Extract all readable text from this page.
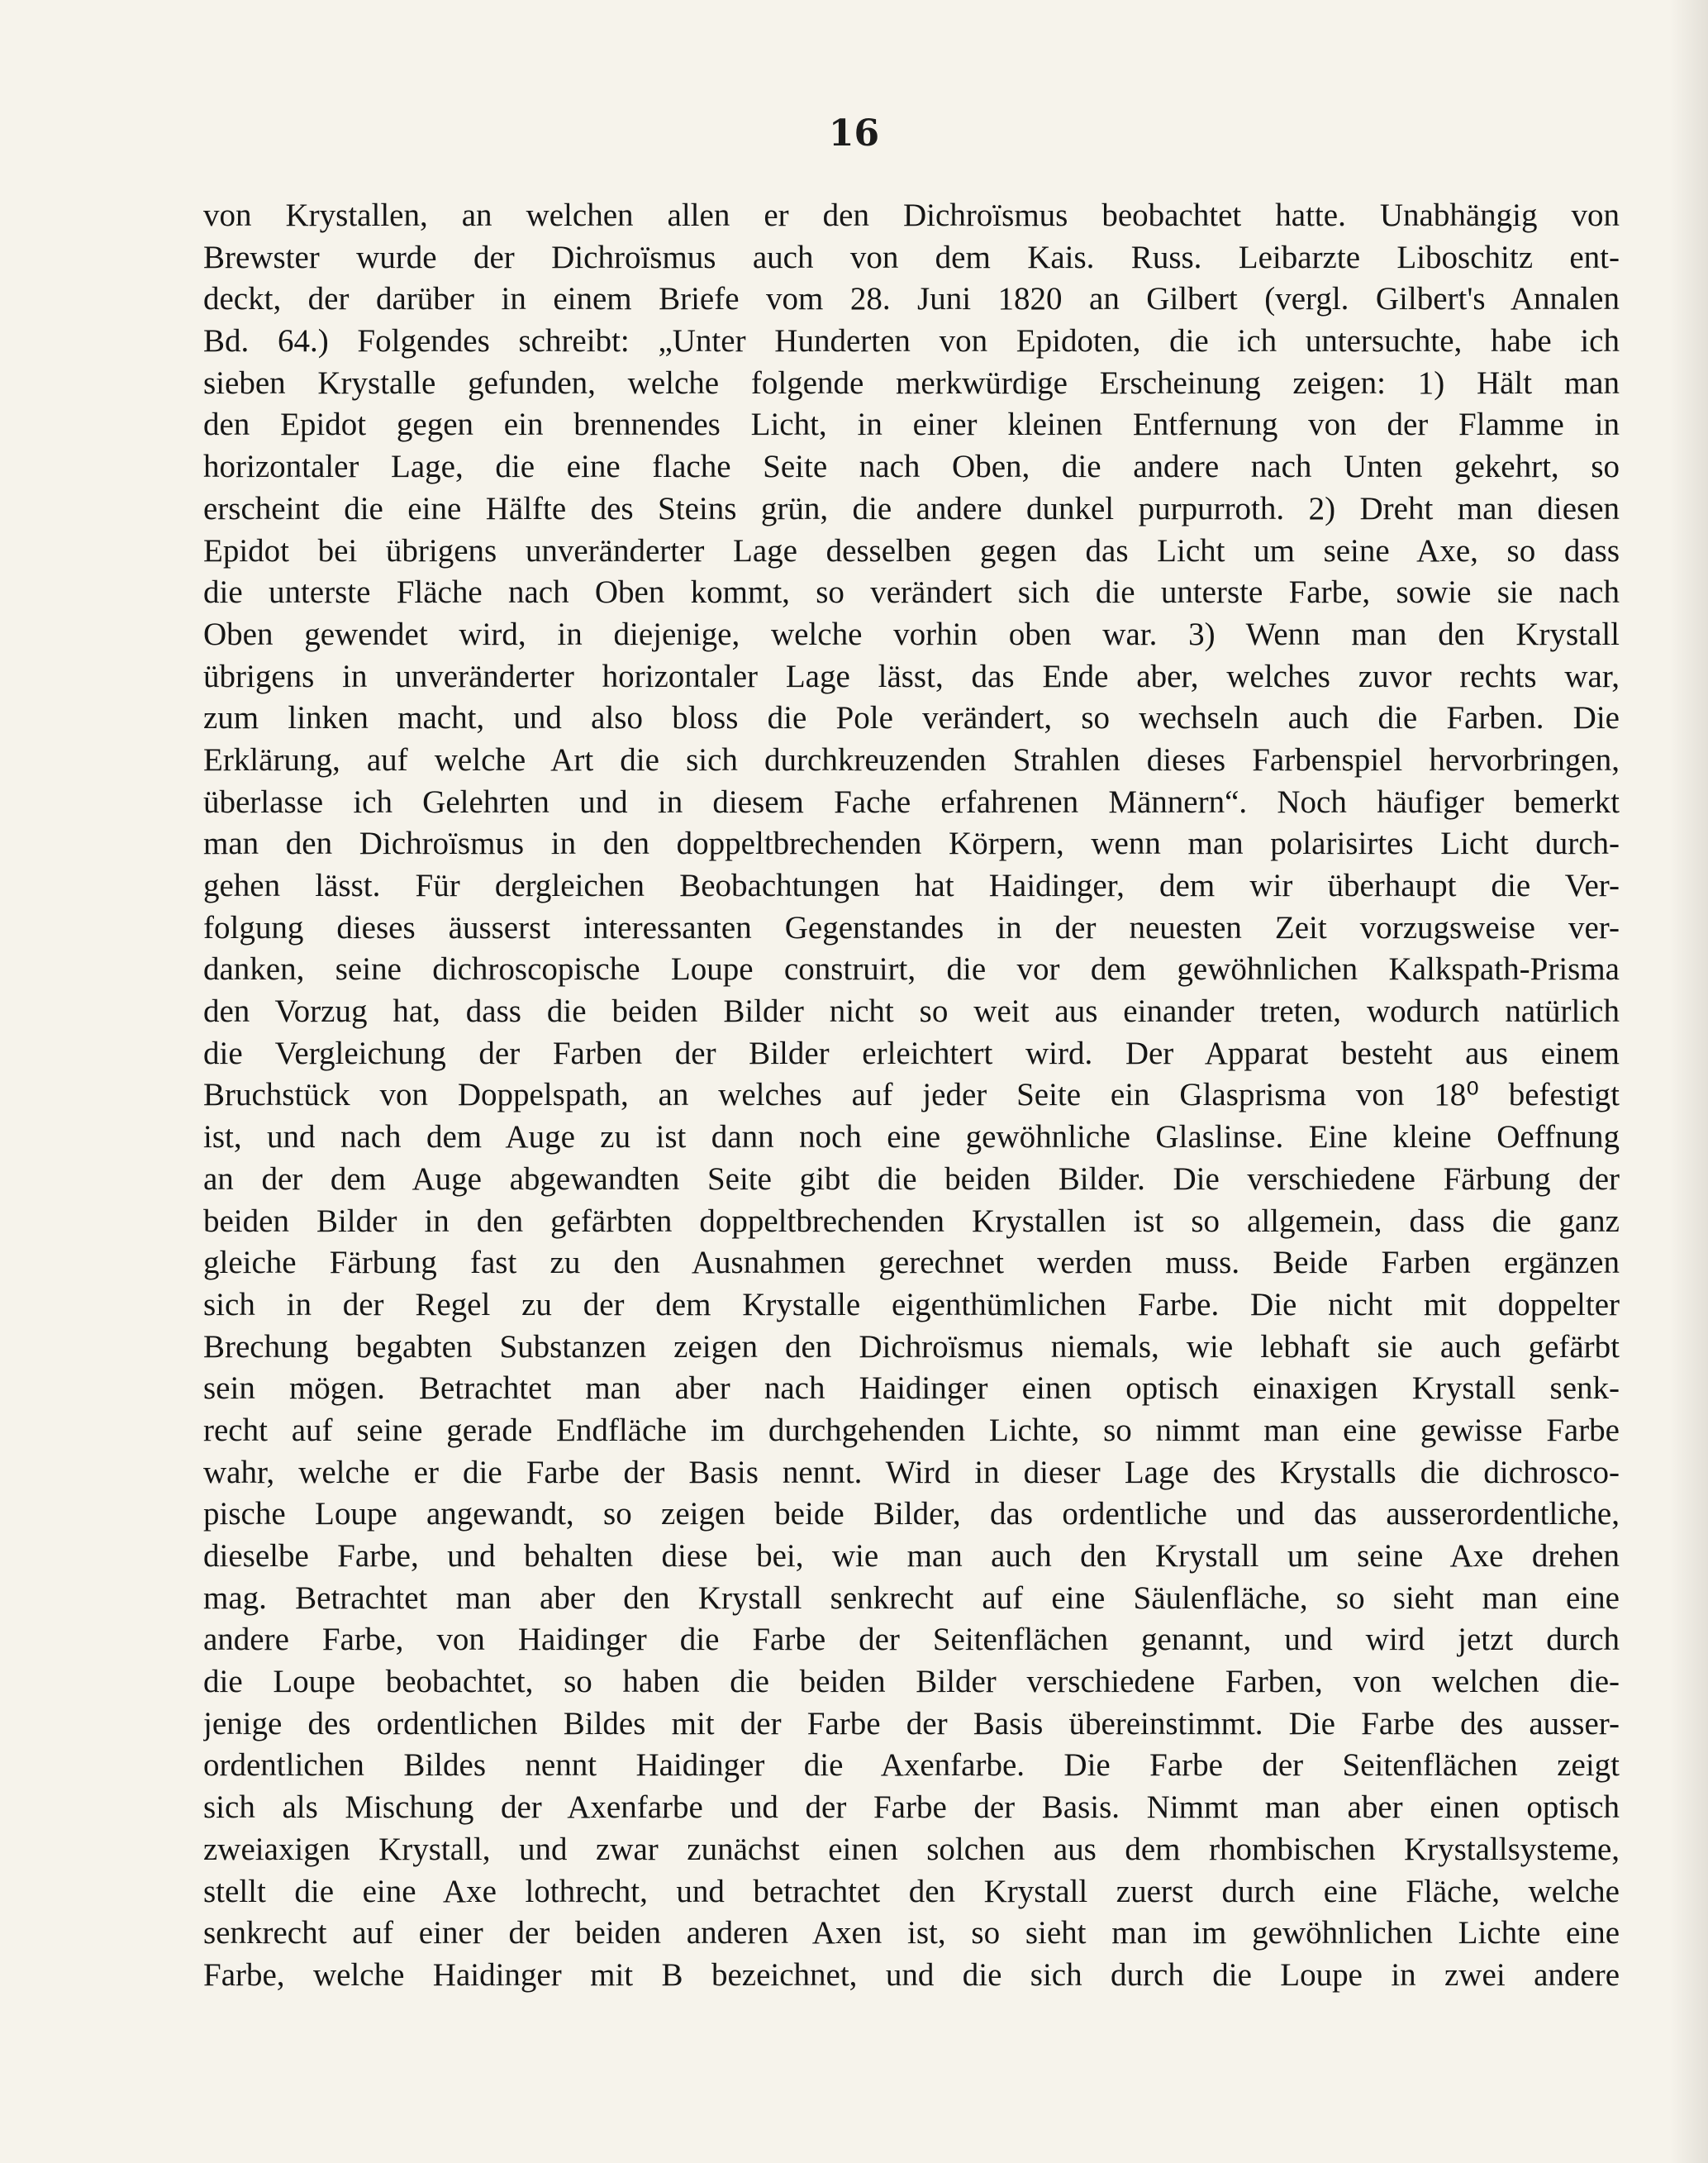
16
von Krystallen, an welchen allen er den Dichroïsmus beobachtet hatte. Unabhängig von
Brewster wurde der Dichroïsmus auch von dem Kais. Russ. Leibarzte Liboschitz ent-
deckt, der darüber in einem Briefe vom 28. Juni 1820 an Gilbert (vergl. Gilbert's Annalen
Bd. 64.) Folgendes schreibt: „Unter Hunderten von Epidoten, die ich untersuchte, habe ich
sieben Krystalle gefunden, welche folgende merkwürdige Erscheinung zeigen: 1) Hält man
den Epidot gegen ein brennendes Licht, in einer kleinen Entfernung von der Flamme in
horizontaler Lage, die eine flache Seite nach Oben, die andere nach Unten gekehrt, so
erscheint die eine Hälfte des Steins grün, die andere dunkel purpurroth. 2) Dreht man diesen
Epidot bei übrigens unveränderter Lage desselben gegen das Licht um seine Axe, so dass
die unterste Fläche nach Oben kommt, so verändert sich die unterste Farbe, sowie sie nach
Oben gewendet wird, in diejenige, welche vorhin oben war. 3) Wenn man den Krystall
übrigens in unveränderter horizontaler Lage lässt, das Ende aber, welches zuvor rechts war,
zum linken macht, und also bloss die Pole verändert, so wechseln auch die Farben. Die
Erklärung, auf welche Art die sich durchkreuzenden Strahlen dieses Farbenspiel hervorbringen,
überlasse ich Gelehrten und in diesem Fache erfahrenen Männern“. Noch häufiger bemerkt
man den Dichroïsmus in den doppeltbrechenden Körpern, wenn man polarisirtes Licht durch-
gehen lässt. Für dergleichen Beobachtungen hat Haidinger, dem wir überhaupt die Ver-
folgung dieses äusserst interessanten Gegenstandes in der neuesten Zeit vorzugsweise ver-
danken, seine dichroscopische Loupe construirt, die vor dem gewöhnlichen Kalkspath-Prisma
den Vorzug hat, dass die beiden Bilder nicht so weit aus einander treten, wodurch natürlich
die Vergleichung der Farben der Bilder erleichtert wird. Der Apparat besteht aus einem
Bruchstück von Doppelspath, an welches auf jeder Seite ein Glasprisma von 18⁰ befestigt
ist, und nach dem Auge zu ist dann noch eine gewöhnliche Glaslinse. Eine kleine Oeffnung
an der dem Auge abgewandten Seite gibt die beiden Bilder. Die verschiedene Färbung der
beiden Bilder in den gefärbten doppeltbrechenden Krystallen ist so allgemein, dass die ganz
gleiche Färbung fast zu den Ausnahmen gerechnet werden muss. Beide Farben ergänzen
sich in der Regel zu der dem Krystalle eigenthümlichen Farbe. Die nicht mit doppelter
Brechung begabten Substanzen zeigen den Dichroïsmus niemals, wie lebhaft sie auch gefärbt
sein mögen. Betrachtet man aber nach Haidinger einen optisch einaxigen Krystall senk-
recht auf seine gerade Endfläche im durchgehenden Lichte, so nimmt man eine gewisse Farbe
wahr, welche er die Farbe der Basis nennt. Wird in dieser Lage des Krystalls die dichrosco-
pische Loupe angewandt, so zeigen beide Bilder, das ordentliche und das ausserordentliche,
dieselbe Farbe, und behalten diese bei, wie man auch den Krystall um seine Axe drehen
mag. Betrachtet man aber den Krystall senkrecht auf eine Säulenfläche, so sieht man eine
andere Farbe, von Haidinger die Farbe der Seitenflächen genannt, und wird jetzt durch
die Loupe beobachtet, so haben die beiden Bilder verschiedene Farben, von welchen die-
jenige des ordentlichen Bildes mit der Farbe der Basis übereinstimmt. Die Farbe des ausser-
ordentlichen Bildes nennt Haidinger die Axenfarbe. Die Farbe der Seitenflächen zeigt
sich als Mischung der Axenfarbe und der Farbe der Basis. Nimmt man aber einen optisch
zweiaxigen Krystall, und zwar zunächst einen solchen aus dem rhombischen Krystallsysteme,
stellt die eine Axe lothrecht, und betrachtet den Krystall zuerst durch eine Fläche, welche
senkrecht auf einer der beiden anderen Axen ist, so sieht man im gewöhnlichen Lichte eine
Farbe, welche Haidinger mit B bezeichnet, und die sich durch die Loupe in zwei andere
